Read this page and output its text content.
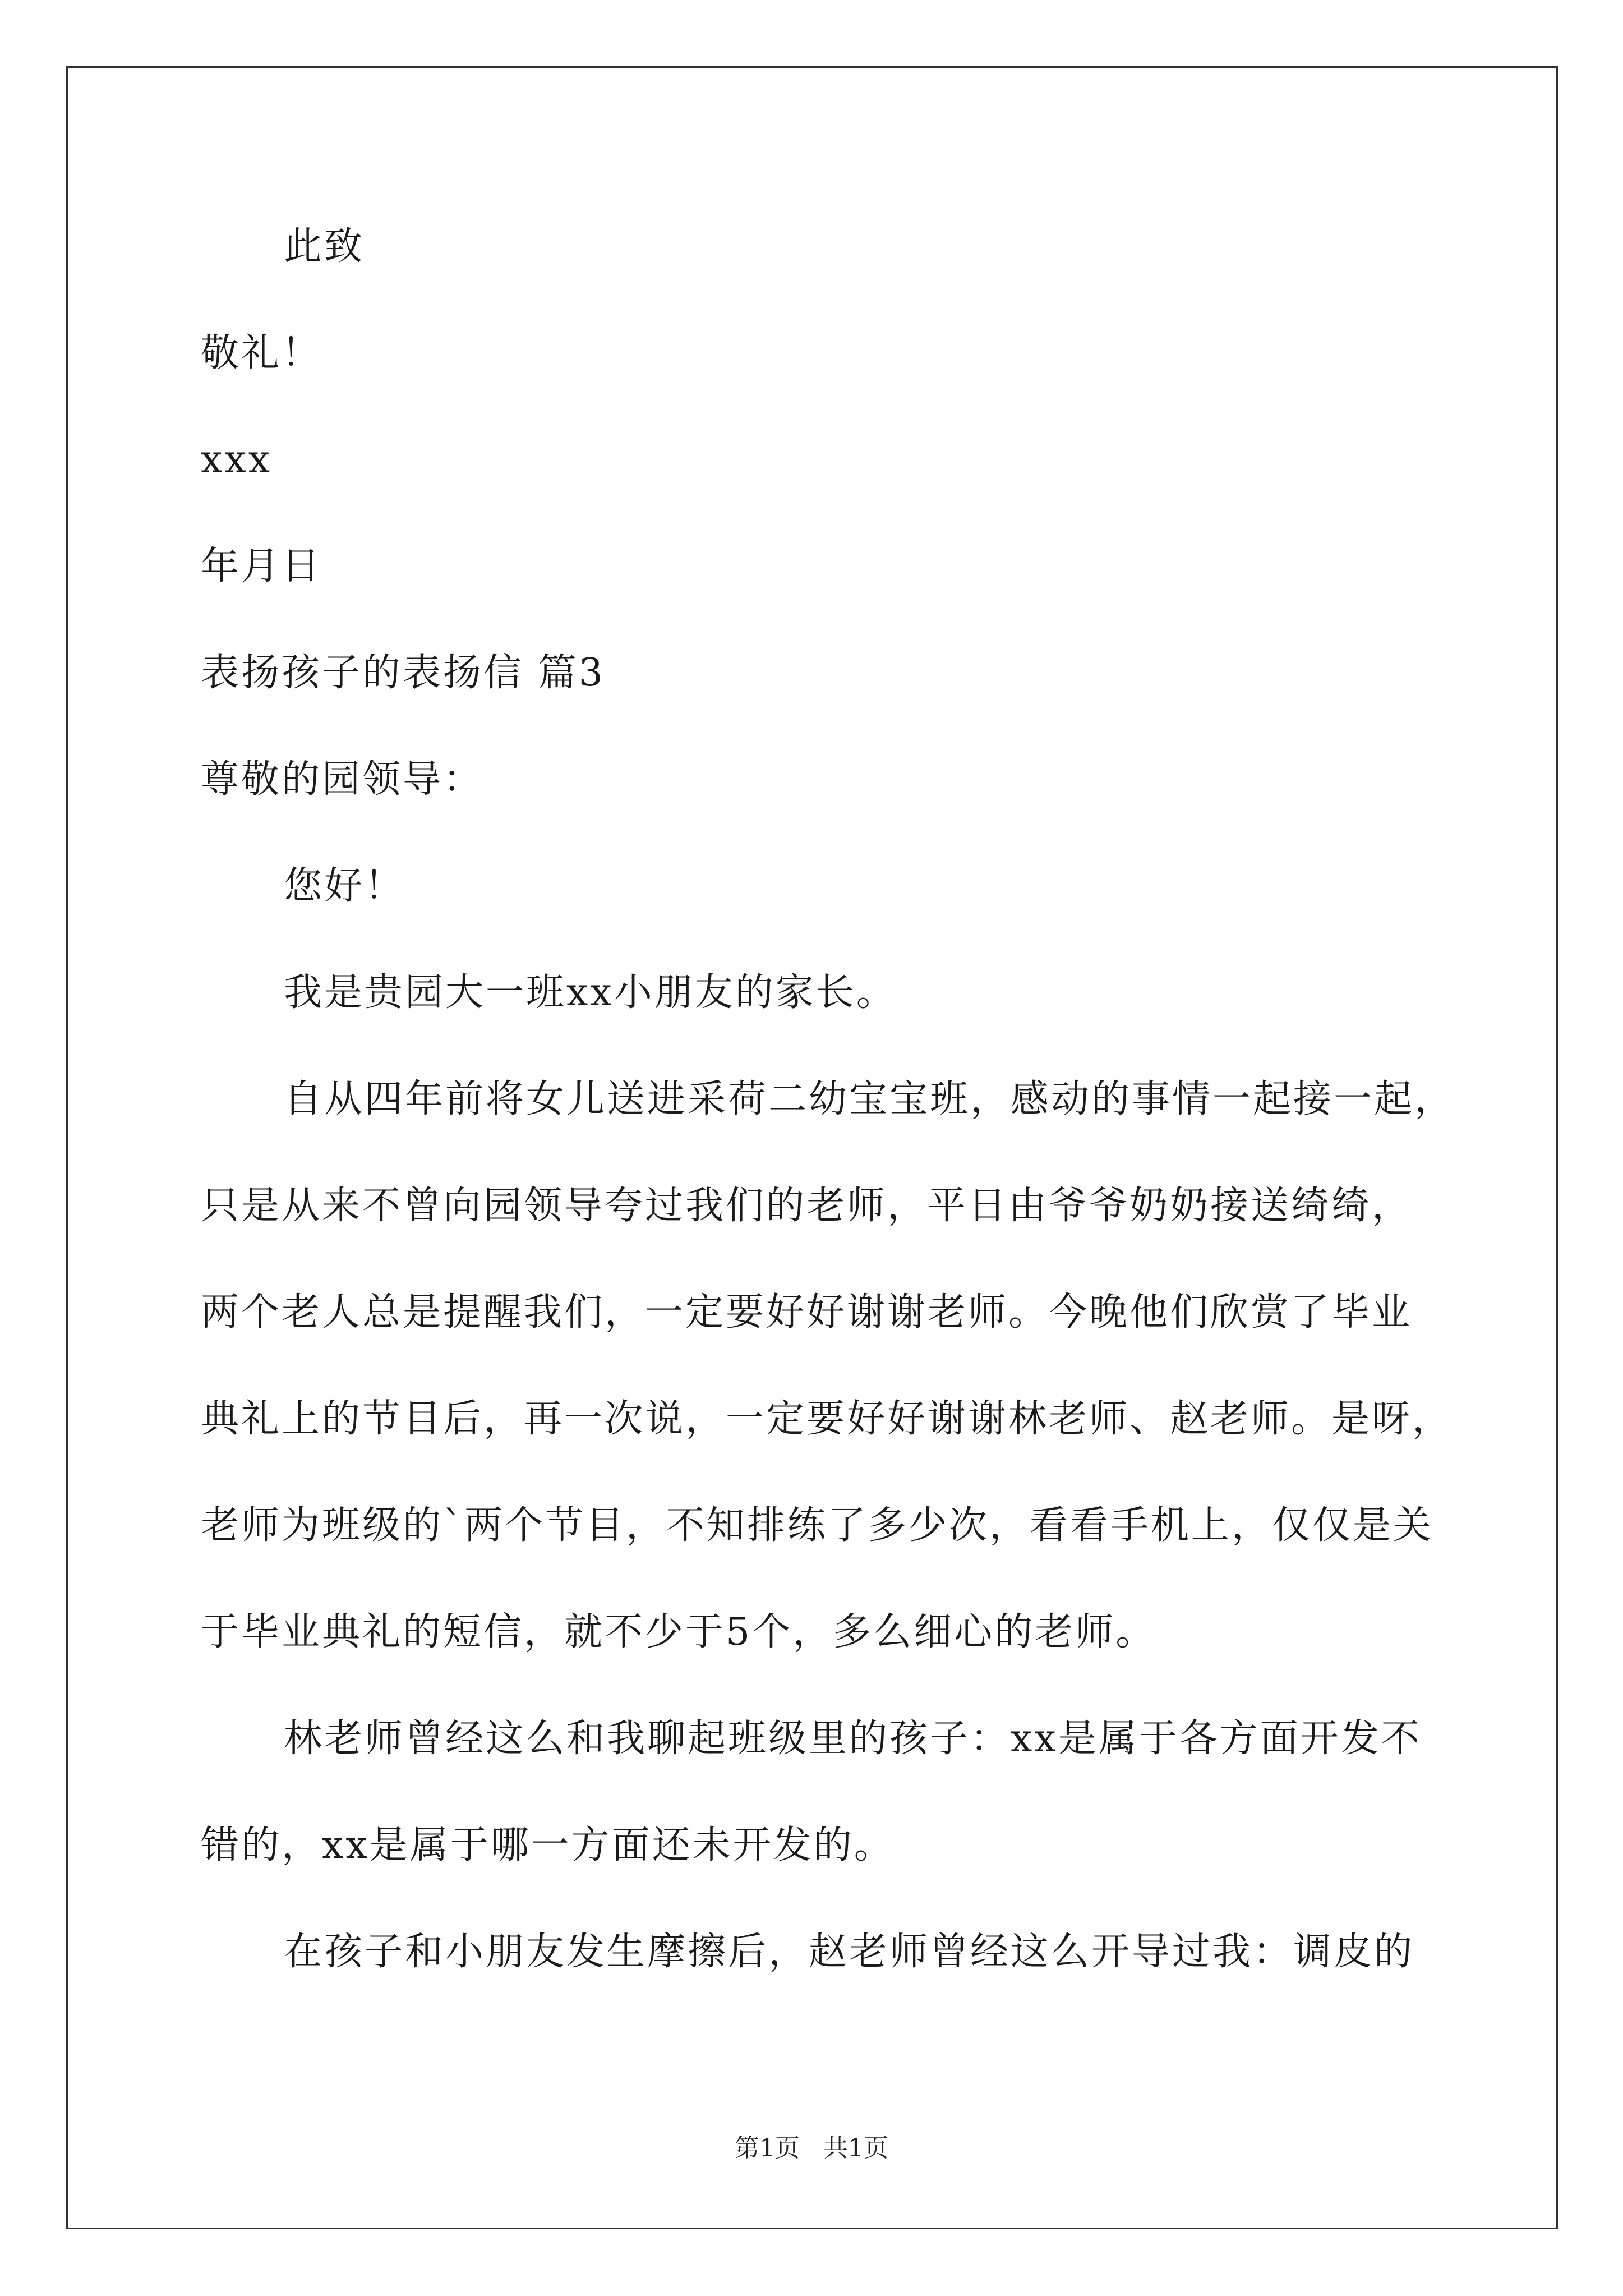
此致
敬礼！
xxx
年月日
表扬孩子的表扬信 篇3
尊敬的园领导：
您好！
我是贵园大一班xx小朋友的家长。
自从四年前将女儿送进采荷二幼宝宝班，感动的事情一起接一起，
只是从来不曾向园领导夸过我们的老师，平日由爷爷奶奶接送绮绮，
两个老人总是提醒我们，一定要好好谢谢老师。今晚他们欣赏了毕业
典礼上的节目后，再一次说，一定要好好谢谢林老师、赵老师。是呀，
老师为班级的`两个节目，不知排练了多少次，看看手机上，仅仅是关
于毕业典礼的短信，就不少于5个，多么细心的老师。
林老师曾经这么和我聊起班级里的孩子：xx是属于各方面开发不
错的，xx是属于哪一方面还未开发的。
在孩子和小朋友发生摩擦后，赵老师曾经这么开导过我：调皮的
第1页 共1页
